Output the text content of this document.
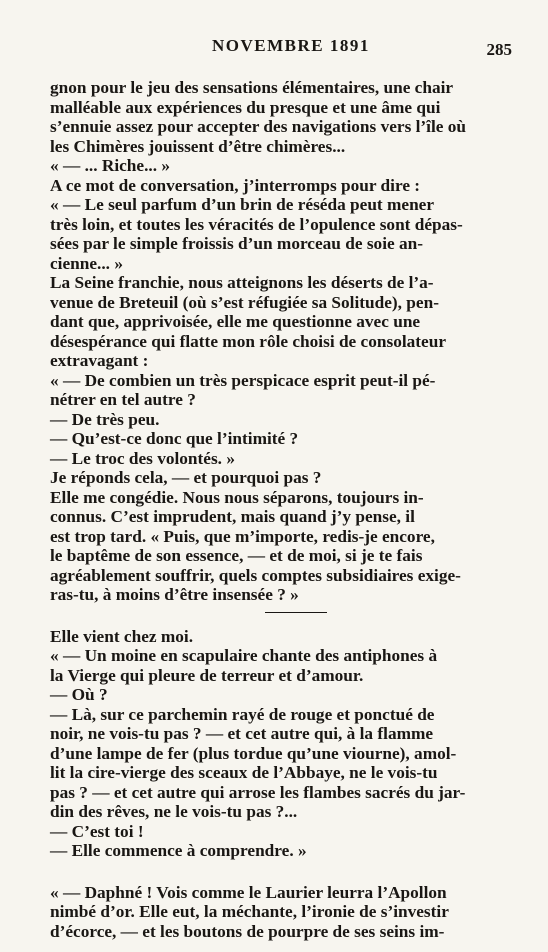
NOVEMBRE 1891	285

gnon pour le jeu des sensations élémentaires, une chair

malléable aux expériences du presque et une âme qui

s’ennuie assez pour accepter des navigations vers l’île où

les Chimères jouissent d’être chimères...

« — ... Riche... »

A ce mot de conversation, j’interromps pour dire :

« — Le seul parfum d’un brin de réséda peut mener

très loin, et toutes les véracités de l’opulence sont dépas-

sées par le simple froissis d’un morceau de soie an-

cienne... »

La Seine franchie, nous atteignons les déserts de l’a-

venue de Breteuil (où s’est réfugiée sa Solitude), pen-

dant que, apprivoisée, elle me questionne avec une

désespérance qui flatte mon rôle choisi de consolateur

extravagant :

« — De combien un très perspicace esprit peut-il pé-

nétrer en tel autre ?

— De très peu.

— Qu’est-ce donc que l’intimité ?

— Le troc des volontés. »

Je réponds cela, — et pourquoi pas ?

Elle me congédie. Nous nous séparons, toujours in-

connus. C’est imprudent, mais quand j’y pense, il

est trop tard. « Puis, que m’importe, redis-je encore,

le baptême de son essence, — et de moi, si je te fais

agréablement souffrir, quels comptes subsidiaires exige-

ras-tu, à moins d’être insensée ? »

Elle vient chez moi.

« — Un moine en scapulaire chante des antiphones à

la Vierge qui pleure de terreur et d’amour.

— Où ?

— Là, sur ce parchemin rayé de rouge et ponctué de

noir, ne vois-tu pas ? — et cet autre qui, à la flamme

d’une lampe de fer (plus tordue qu’une viourne), amol-

lit la cire-vierge des sceaux de l’Abbaye, ne le vois-tu

pas ? — et cet autre qui arrose les flambes sacrés du jar-

din des rêves, ne le vois-tu pas ?...

— C’est toi !

— Elle commence à comprendre. »

« — Daphné ! Vois comme le Laurier leurra l’Apollon

nimbé d’or. Elle eut, la méchante, l’ironie de s’investir

d’écorce, — et les boutons de pourpre de ses seins im-
